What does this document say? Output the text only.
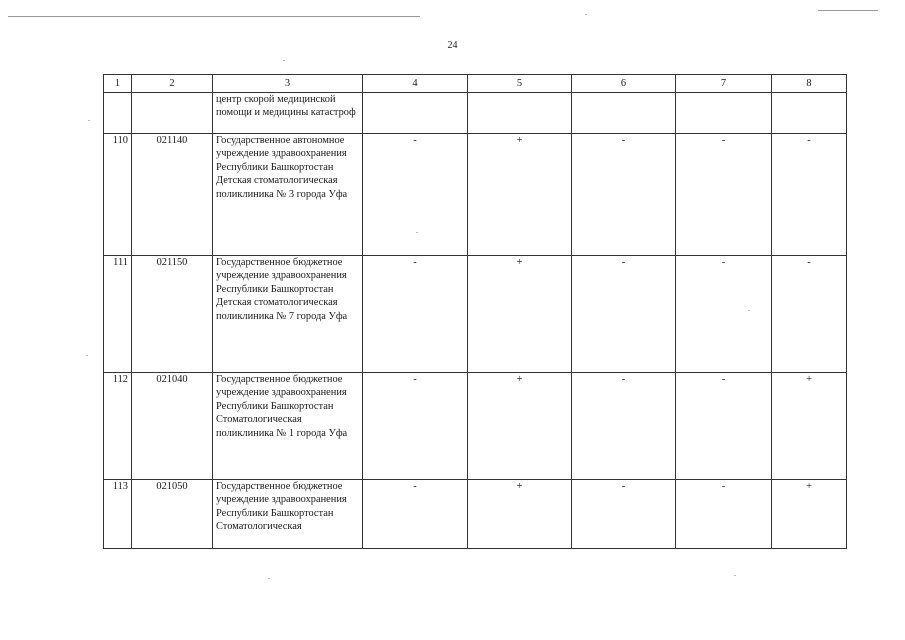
24
1	2	3	4	5	6	7	8
		центр скорой медицинской помощи и медицины катастроф					
110	021140	Государственное автономное учреждение здравоохранения Республики Башкортостан Детская стоматологическая поликлиника № 3 города Уфа	-	+	-	-	-
111	021150	Государственное бюджетное учреждение здравоохранения Республики Башкортостан Детская стоматологическая поликлиника № 7 города Уфа	-	+	-	-	-
112	021040	Государственное бюджетное учреждение здравоохранения Республики Башкортостан Стоматологическая поликлиника № 1 города Уфа	-	+	-	-	+
113	021050	Государственное бюджетное учреждение здравоохранения Республики Башкортостан Стоматологическая	-	+	-	-	+
